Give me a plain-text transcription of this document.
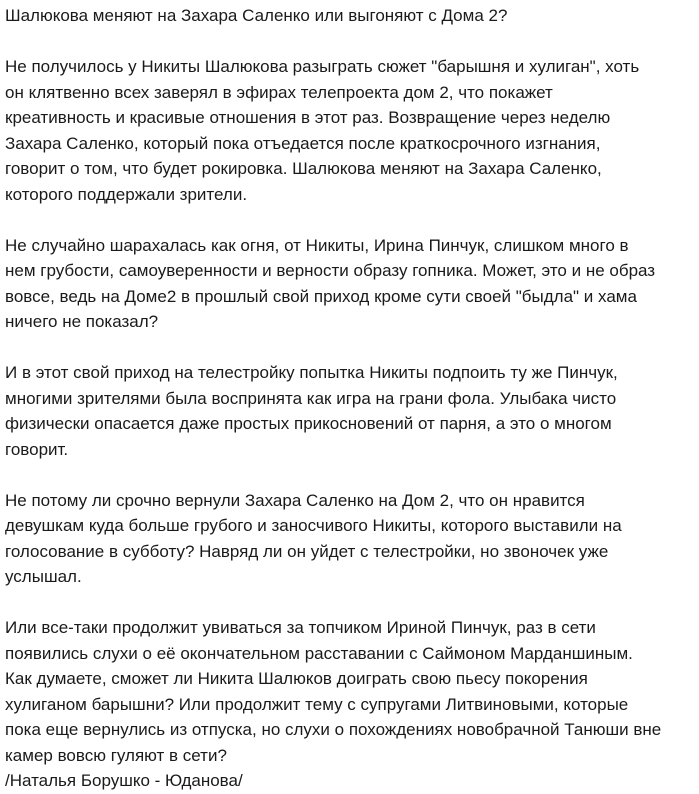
Шалюкова меняют на Захара Саленко или выгоняют с Дома 2?

Не получилось у Никиты Шалюкова разыграть сюжет "барышня и хулиган", хоть
он клятвенно всех заверял в эфирах телепроекта дом 2, что покажет
креативность и красивые отношения в этот раз. Возвращение через неделю
Захара Саленко, который пока отъедается после краткосрочного изгнания,
говорит о том, что будет рокировка. Шалюкова меняют на Захара Саленко,
которого поддержали зрители.

Не случайно шарахалась как огня, от Никиты, Ирина Пинчук, слишком много в
нем грубости, самоуверенности и верности образу гопника. Может, это и не образ
вовсе, ведь на Доме2 в прошлый свой приход кроме сути своей "быдла" и хама
ничего не показал?

И в этот свой приход на телестройку попытка Никиты подпоить ту же Пинчук,
многими зрителями была воспринята как игра на грани фола. Улыбака чисто
физически опасается даже простых прикосновений от парня, а это о многом
говорит.

Не потому ли срочно вернули Захара Саленко на Дом 2, что он нравится
девушкам куда больше грубого и заносчивого Никиты, которого выставили на
голосование в субботу? Навряд ли он уйдет с телестройки, но звоночек уже
услышал.

Или все-таки продолжит увиваться за топчиком Ириной Пинчук, раз в сети
появились слухи о её окончательном расставании с Саймоном Марданшиным.
Как думаете, сможет ли Никита Шалюков доиграть свою пьесу покорения
хулиганом барышни? Или продолжит тему с супругами Литвиновыми, которые
пока еще вернулись из отпуска, но слухи о похождениях новобрачной Танюши вне
камер вовсю гуляют в сети?

/Наталья Борушко - Юданова/
